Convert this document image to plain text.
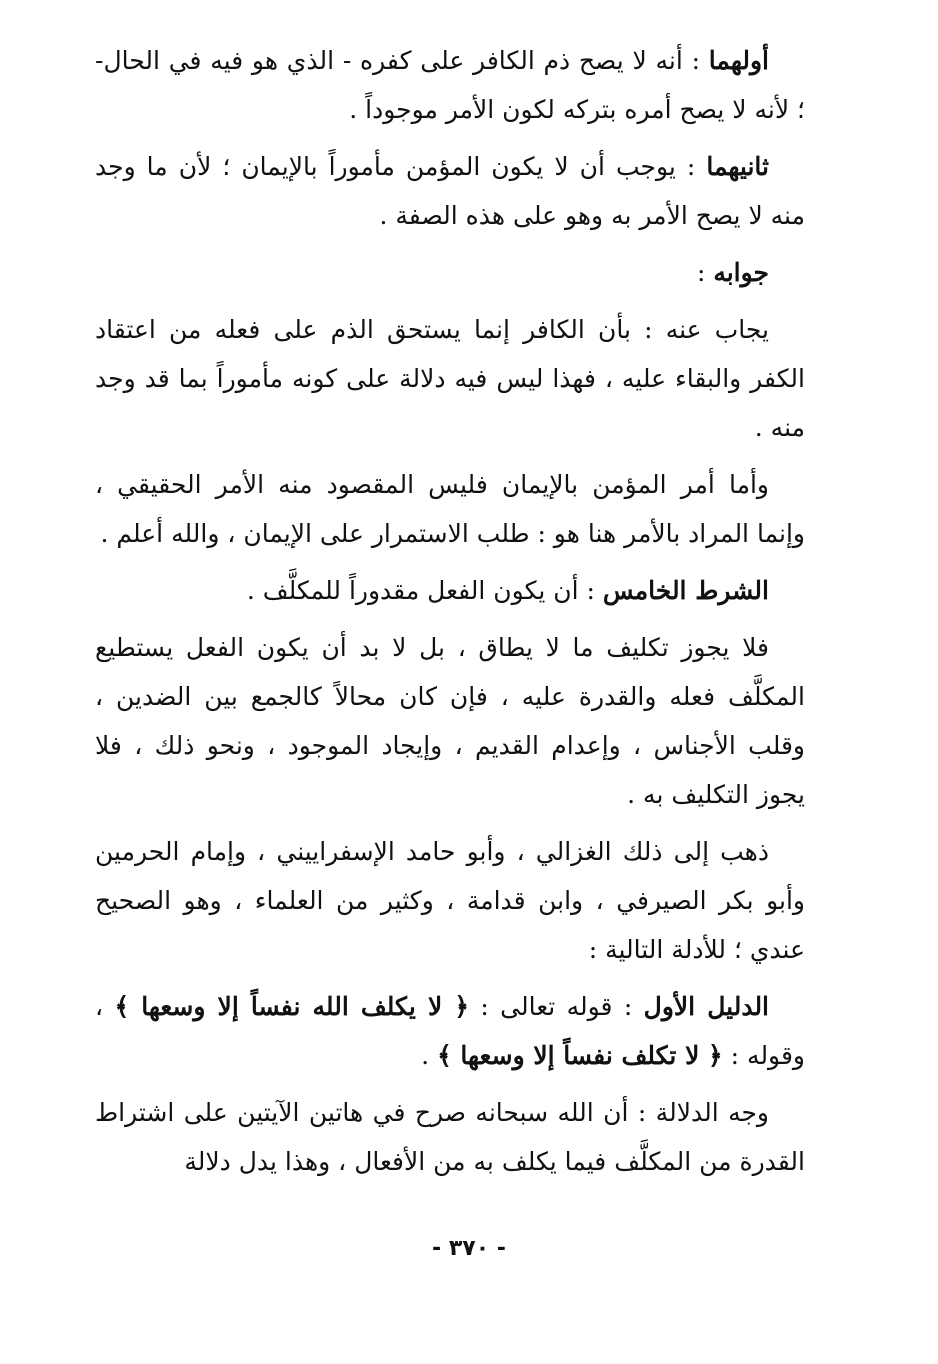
أولهما : أنه لا يصح ذم الكافر على كفره - الذي هو فيه في الحال- ؛ لأنه لا يصح أمره بتركه لكون الأمر موجوداً .

ثانيهما : يوجب أن لا يكون المؤمن مأموراً بالإيمان ؛ لأن ما وجد منه لا يصح الأمر به وهو على هذه الصفة .

جوابه :

يجاب عنه : بأن الكافر إنما يستحق الذم على فعله من اعتقاد الكفر والبقاء عليه ، فهذا ليس فيه دلالة على كونه مأموراً بما قد وجد منه .

وأما أمر المؤمن بالإيمان فليس المقصود منه الأمر الحقيقي ، وإنما المراد بالأمر هنا هو : طلب الاستمرار على الإيمان ، والله أعلم .

الشرط الخامس : أن يكون الفعل مقدوراً للمكلَّف .

فلا يجوز تكليف ما لا يطاق ، بل لا بد أن يكون الفعل يستطيع المكلَّف فعله والقدرة عليه ، فإن كان محالاً كالجمع بين الضدين ، وقلب الأجناس ، وإعدام القديم ، وإيجاد الموجود ، ونحو ذلك ، فلا يجوز التكليف به .

ذهب إلى ذلك الغزالي ، وأبو حامد الإسفراييني ، وإمام الحرمين وأبو بكر الصيرفي ، وابن قدامة ، وكثير من العلماء ، وهو الصحيح عندي ؛ للأدلة التالية :

الدليل الأول : قوله تعالى : ﴿ لا يكلف الله نفساً إلا وسعها ﴾ ، وقوله : ﴿ لا تكلف نفساً إلا وسعها ﴾ .

وجه الدلالة : أن الله سبحانه صرح في هاتين الآيتين على اشتراط القدرة من المكلَّف فيما يكلف به من الأفعال ، وهذا يدل دلالة

- ٣٧٠ -
